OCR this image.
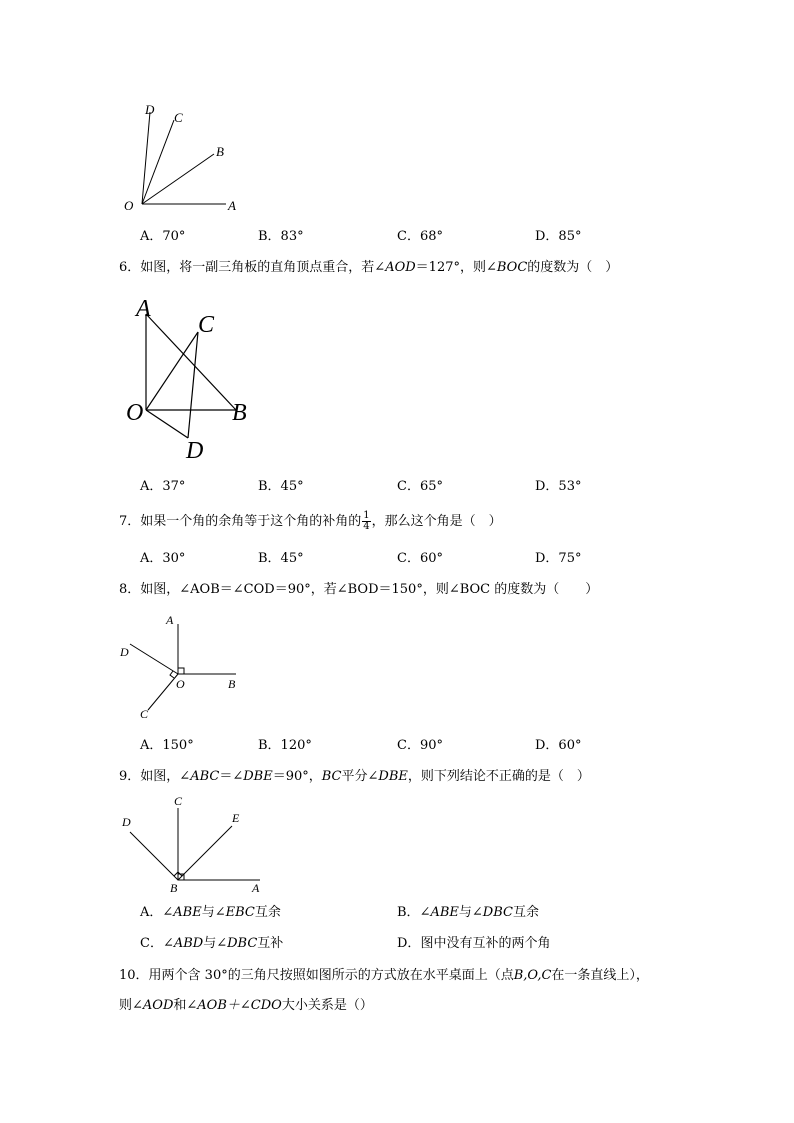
D
C
B
O	A
A．70°	B．83°	C．68°	D．85°
6．如图，将一副三角板的直角顶点重合，若∠AOD＝127°，则∠BOC的度数为（　）
A
C
O	B
D
A．37°	B．45°	C．65°	D．53°
7．如果一个角的余角等于这个角的补角的 $\frac{1}{4}$ ，那么这个角是（　）
A．30°	B．45°	C．60°	D．75°
8．如图，∠AOB＝∠COD＝90°，若∠BOD＝150°，则∠BOC 的度数为（　　）
A
D
O	B
C
A．150°	B．120°	C．90°	D．60°
9．如图，∠ABC＝∠DBE＝90°，BC平分∠DBE，则下列结论不正确的是（　）
C
D	E
B	A
A．∠ABE与∠EBC互余	B．∠ABE与∠DBC互余
C．∠ABD与∠DBC互补	D．图中没有互补的两个角
10．用两个含 30°的三角尺按照如图所示的方式放在水平桌面上（点B,O,C在一条直线上），
则∠AOD和∠AOB＋∠CDO大小关系是（）
